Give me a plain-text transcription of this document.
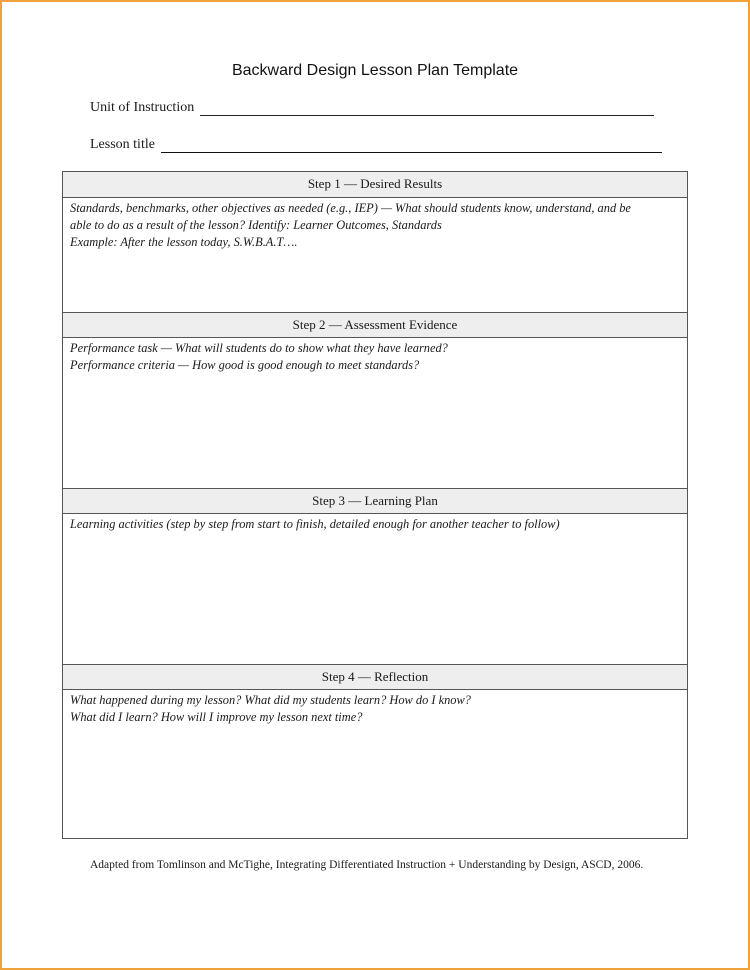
Backward Design Lesson Plan Template
Unit of Instruction
Lesson title
Step 1 — Desired Results
Standards, benchmarks, other objectives as needed (e.g., IEP) — What should students know, understand, and be
able to do as a result of the lesson? Identify: Learner Outcomes, Standards
Example: After the lesson today, S.W.B.A.T….
Step 2 — Assessment Evidence
Performance task — What will students do to show what they have learned?
Performance criteria — How good is good enough to meet standards?
Step 3 — Learning Plan
Learning activities (step by step from start to finish, detailed enough for another teacher to follow)
Step 4 — Reflection
What happened during my lesson? What did my students learn? How do I know?
What did I learn? How will I improve my lesson next time?
Adapted from Tomlinson and McTighe, Integrating Differentiated Instruction + Understanding by Design, ASCD, 2006.
